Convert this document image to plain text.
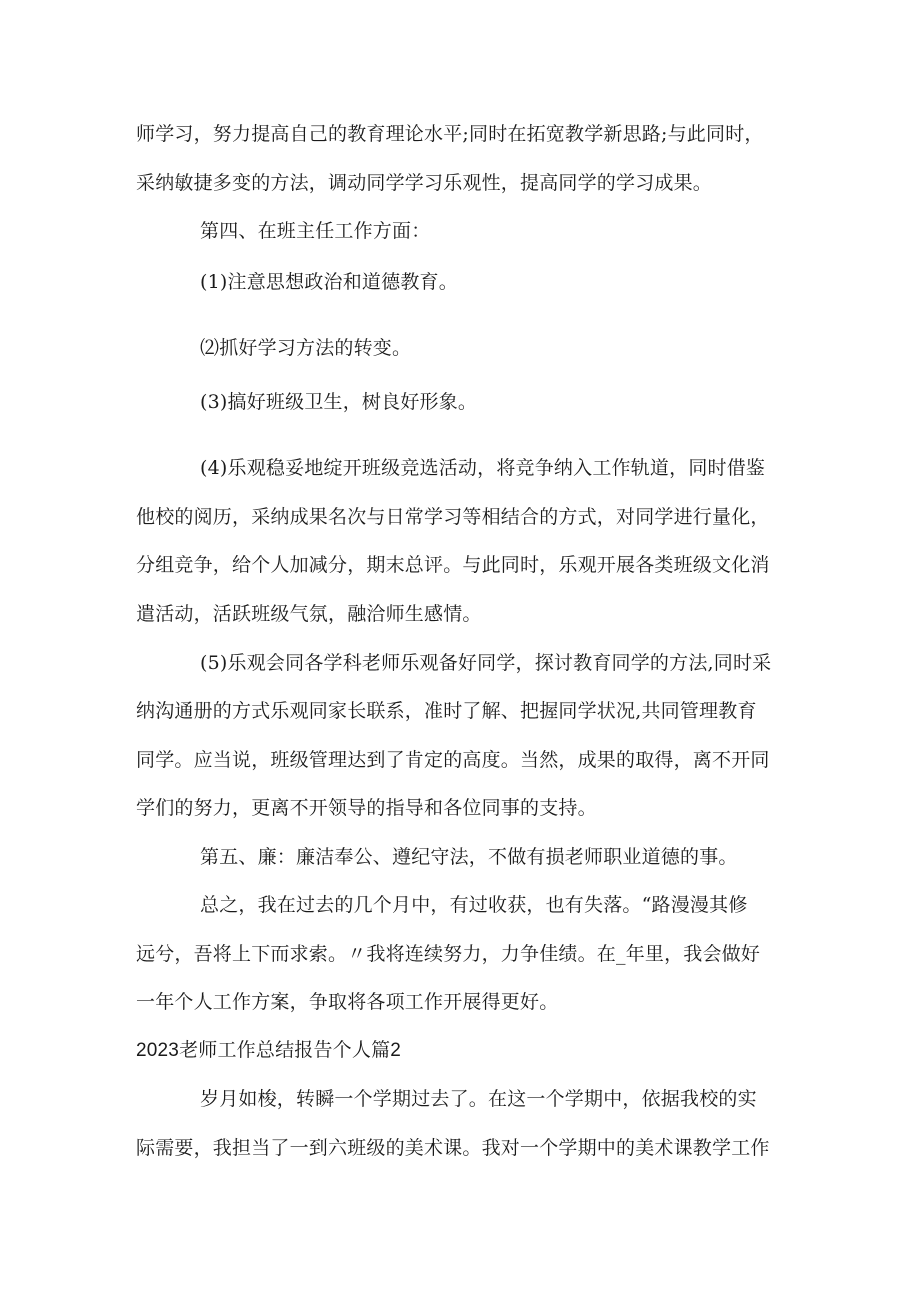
师学习，努力提高自己的教育理论水平;同时在拓宽教学新思路;与此同时，
采纳敏捷多变的方法，调动同学学习乐观性，提高同学的学习成果。
第四、在班主任工作方面：
(1)注意思想政治和道德教育。
⑵抓好学习方法的转变。
(3)搞好班级卫生，树良好形象。
(4)乐观稳妥地绽开班级竞选活动，将竞争纳入工作轨道，同时借鉴
他校的阅历，采纳成果名次与日常学习等相结合的方式，对同学进行量化，
分组竞争，给个人加减分，期末总评。与此同时，乐观开展各类班级文化消
遣活动，活跃班级气氛，融洽师生感情。
(5)乐观会同各学科老师乐观备好同学，探讨教育同学的方法,同时采
纳沟通册的方式乐观同家长联系，准时了解、把握同学状况,共同管理教育
同学。应当说，班级管理达到了肯定的高度。当然，成果的取得，离不开同
学们的努力，更离不开领导的指导和各位同事的支持。
第五、廉：廉洁奉公、遵纪守法，不做有损老师职业道德的事。
总之，我在过去的几个月中，有过收获，也有失落。“路漫漫其修
远兮，吾将上下而求索。〃我将连续努力，力争佳绩。在_年里，我会做好
一年个人工作方案，争取将各项工作开展得更好。
2023老师工作总结报告个人篇2
岁月如梭，转瞬一个学期过去了。在这一个学期中，依据我校的实
际需要，我担当了一到六班级的美术课。我对一个学期中的美术课教学工作
